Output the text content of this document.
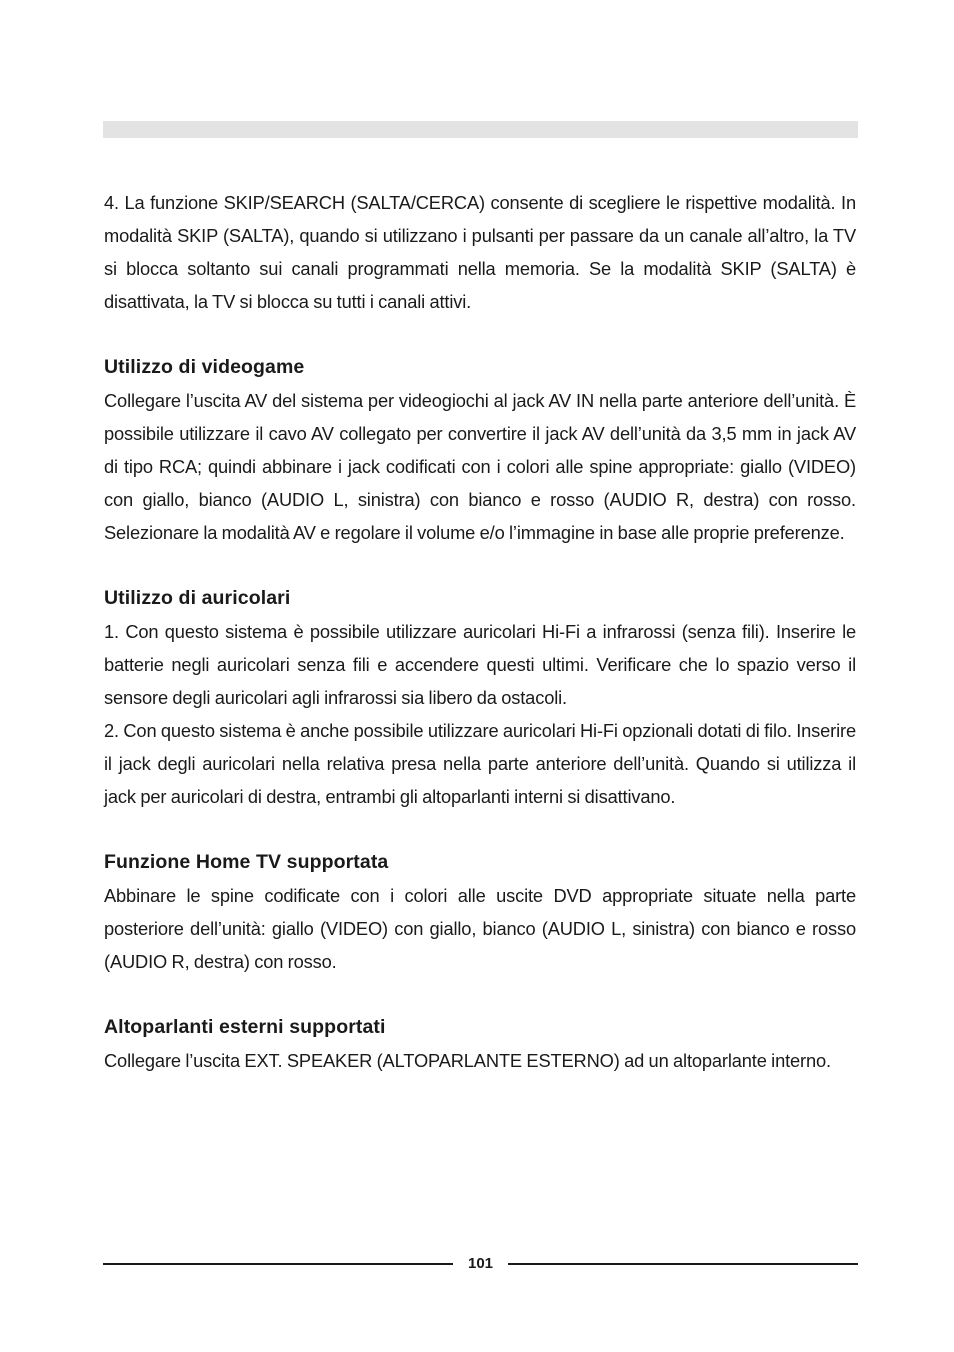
4. La funzione SKIP/SEARCH (SALTA/CERCA) consente di scegliere le rispettive modalità. In modalità SKIP (SALTA), quando si utilizzano i pulsanti per passare da un canale all’altro, la TV si blocca soltanto sui canali programmati nella memoria. Se la modalità SKIP (SALTA) è disattivata, la TV si blocca su tutti i canali attivi.

Utilizzo di videogame

Collegare l’uscita AV del sistema per videogiochi al jack AV IN nella parte anteriore dell’unità. È possibile utilizzare il cavo AV collegato per convertire il jack AV dell’unità da 3,5 mm in jack AV di tipo RCA; quindi abbinare i jack codificati con i colori alle spine appropriate: giallo (VIDEO) con giallo, bianco (AUDIO L, sinistra) con bianco e rosso (AUDIO R, destra) con rosso. Selezionare la modalità AV e regolare il volume e/o l’immagine in base alle proprie preferenze.

Utilizzo di auricolari

1. Con questo sistema è possibile utilizzare auricolari Hi-Fi a infrarossi (senza fili). Inserire le batterie negli auricolari senza fili e accendere questi ultimi. Verificare che lo spazio verso il sensore degli auricolari agli infrarossi sia libero da ostacoli.

2. Con questo sistema è anche possibile utilizzare auricolari Hi-Fi opzionali dotati di filo. Inserire il jack degli auricolari nella relativa presa nella parte anteriore dell’unità. Quando si utilizza il jack per auricolari di destra, entrambi gli altoparlanti interni si disattivano.

Funzione Home TV supportata

Abbinare le spine codificate con i colori alle uscite DVD appropriate situate nella parte posteriore dell’unità: giallo (VIDEO) con giallo, bianco (AUDIO L, sinistra) con bianco e rosso (AUDIO R, destra) con rosso.

Altoparlanti esterni supportati

Collegare l’uscita EXT. SPEAKER (ALTOPARLANTE ESTERNO) ad un altoparlante interno.

101
